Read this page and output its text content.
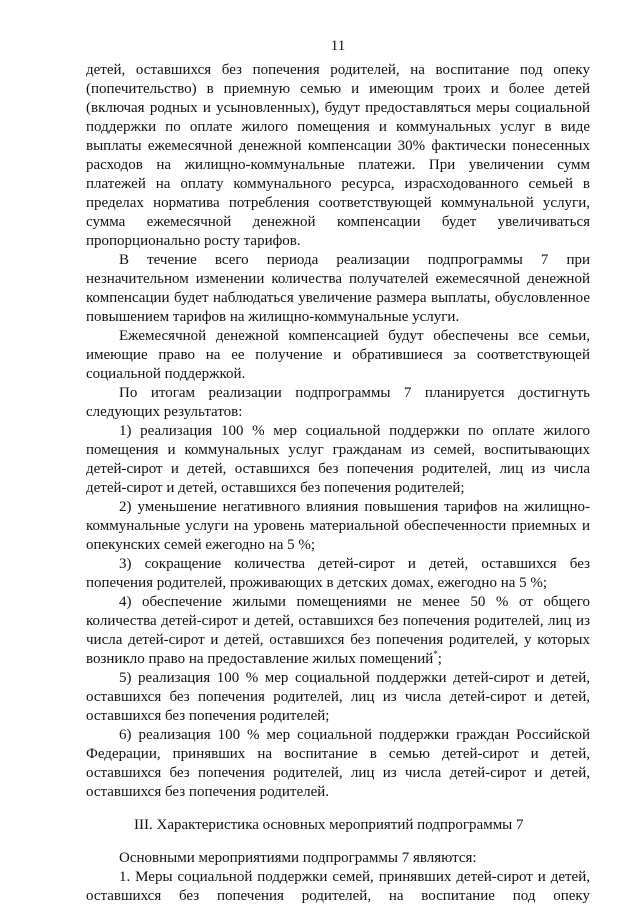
11

детей, оставшихся без попечения родителей, на воспитание под опеку (попечительство) в приемную семью и имеющим троих и более детей (включая родных и усыновленных), будут предоставляться меры социальной поддержки по оплате жилого помещения и коммунальных услуг в виде выплаты ежемесячной денежной компенсации 30% фактически понесенных расходов на жилищно-коммунальные платежи. При увеличении сумм платежей на оплату коммунального ресурса, израсходованного семьей в пределах норматива потребления соответствующей коммунальной услуги, сумма ежемесячной денежной компенсации будет увеличиваться пропорционально росту тарифов.

В течение всего периода реализации подпрограммы 7 при незначительном изменении количества получателей ежемесячной денежной компенсации будет наблюдаться увеличение размера выплаты, обусловленное повышением тарифов на жилищно-коммунальные услуги.

Ежемесячной денежной компенсацией будут обеспечены все семьи, имеющие право на ее получение и обратившиеся за соответствующей социальной поддержкой.

По итогам реализации подпрограммы 7 планируется достигнуть следующих результатов:

1) реализация 100 % мер социальной поддержки по оплате жилого помещения и коммунальных услуг гражданам из семей, воспитывающих детей-сирот и детей, оставшихся без попечения родителей, лиц из числа детей-сирот и детей, оставшихся без попечения родителей;

2) уменьшение негативного влияния повышения тарифов на жилищно-коммунальные услуги на уровень материальной обеспеченности приемных и опекунских семей ежегодно на 5 %;

3) сокращение количества детей-сирот и детей, оставшихся без попечения родителей, проживающих в детских домах, ежегодно на 5 %;

4) обеспечение жилыми помещениями не менее 50 % от общего количества детей-сирот и детей, оставшихся без попечения родителей, лиц из числа детей-сирот и детей, оставшихся без попечения родителей, у которых возникло право на предоставление жилых помещений*;

5) реализация 100 % мер социальной поддержки детей-сирот и детей, оставшихся без попечения родителей, лиц из числа детей-сирот и детей, оставшихся без попечения родителей;

6) реализация 100 % мер социальной поддержки граждан Российской Федерации, принявших на воспитание в семью детей-сирот и детей, оставшихся без попечения родителей, лиц из числа детей-сирот и детей, оставшихся без попечения родителей.

III. Характеристика основных мероприятий подпрограммы 7

Основными мероприятиями подпрограммы 7 являются:

1. Меры социальной поддержки семей, принявших детей-сирот и детей, оставшихся без попечения родителей, на воспитание под опеку
